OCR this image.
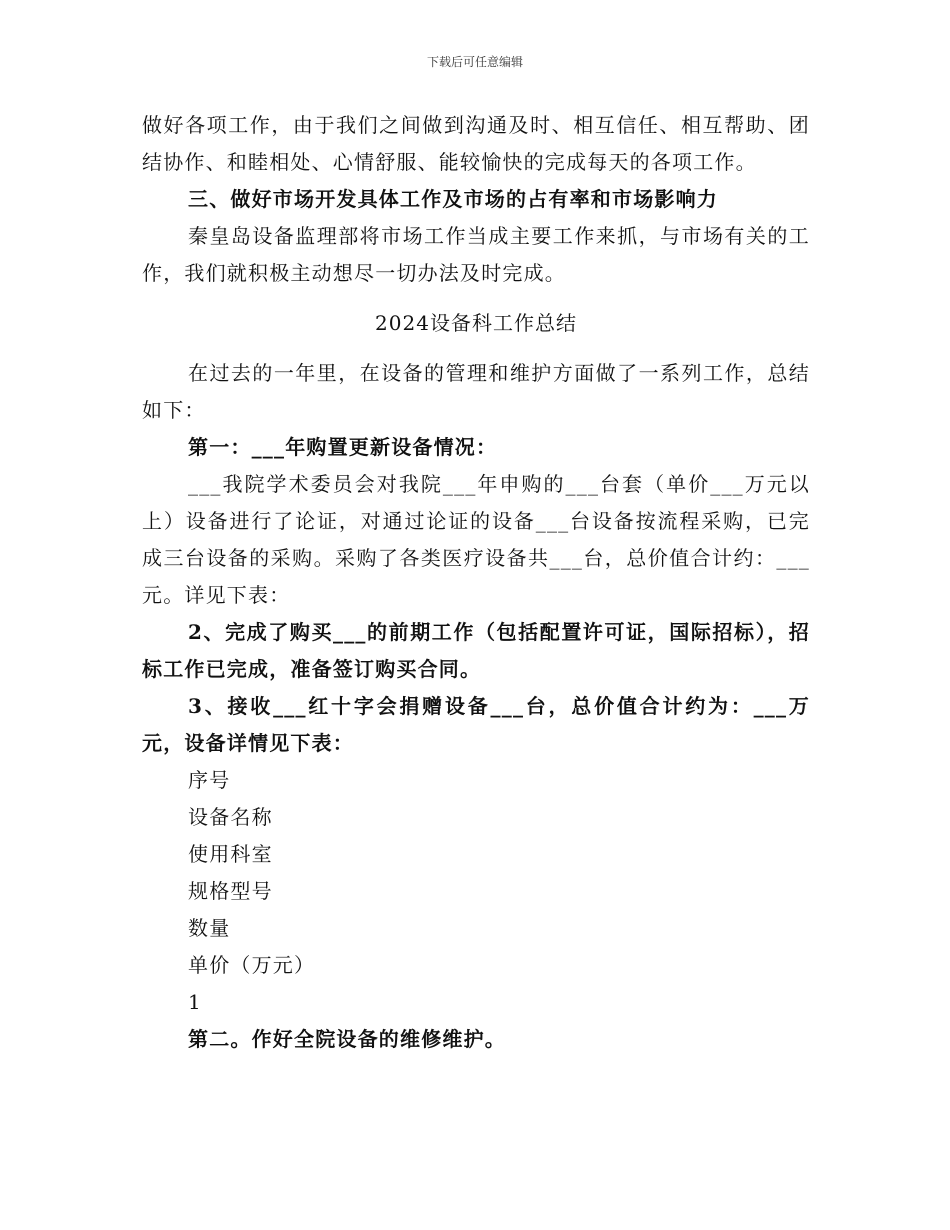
下载后可任意编辑

做好各项工作，由于我们之间做到沟通及时、相互信任、相互帮助、团结协作、和睦相处、心情舒服、能较愉快的完成每天的各项工作。

三、做好市场开发具体工作及市场的占有率和市场影响力

秦皇岛设备监理部将市场工作当成主要工作来抓，与市场有关的工作，我们就积极主动想尽一切办法及时完成。

2024设备科工作总结

在过去的一年里，在设备的管理和维护方面做了一系列工作，总结如下：

第一：___年购置更新设备情况：

___我院学术委员会对我院___年申购的___台套（单价___万元以上）设备进行了论证，对通过论证的设备___台设备按流程采购，已完成三台设备的采购。采购了各类医疗设备共___台，总价值合计约：___元。详见下表：

2、完成了购买___的前期工作（包括配置许可证，国际招标），招标工作已完成，准备签订购买合同。

3、接收___红十字会捐赠设备___台，总价值合计约为：___万元，设备详情见下表：

序号

设备名称

使用科室

规格型号

数量

单价（万元）

1

第二。作好全院设备的维修维护。
